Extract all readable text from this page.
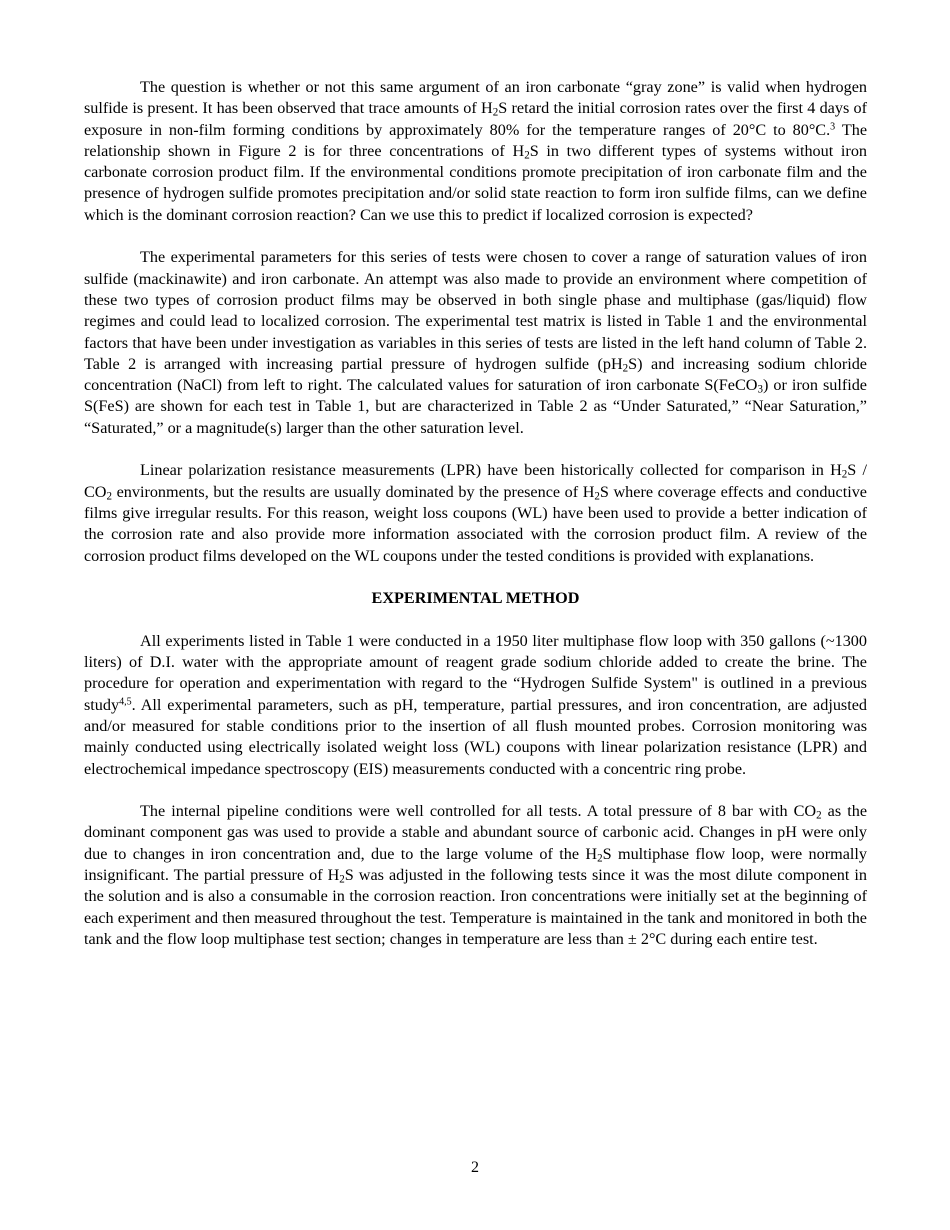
The question is whether or not this same argument of an iron carbonate “gray zone” is valid when hydrogen sulfide is present. It has been observed that trace amounts of $H_2S$ retard the initial corrosion rates over the first 4 days of exposure in non-film forming conditions by approximately 80% for the temperature ranges of 20°C to 80°C.$^3$ The relationship shown in Figure 2 is for three concentrations of $H_2S$ in two different types of systems without iron carbonate corrosion product film. If the environmental conditions promote precipitation of iron carbonate film and the presence of hydrogen sulfide promotes precipitation and/or solid state reaction to form iron sulfide films, can we define which is the dominant corrosion reaction? Can we use this to predict if localized corrosion is expected?

The experimental parameters for this series of tests were chosen to cover a range of saturation values of iron sulfide (mackinawite) and iron carbonate. An attempt was also made to provide an environment where competition of these two types of corrosion product films may be observed in both single phase and multiphase (gas/liquid) flow regimes and could lead to localized corrosion. The experimental test matrix is listed in Table 1 and the environmental factors that have been under investigation as variables in this series of tests are listed in the left hand column of Table 2. Table 2 is arranged with increasing partial pressure of hydrogen sulfide $(pH_2S)$ and increasing sodium chloride concentration (NaCl) from left to right. The calculated values for saturation of iron carbonate S(FeCO$_3$) or iron sulfide S(FeS) are shown for each test in Table 1, but are characterized in Table 2 as “Under Saturated,” “Near Saturation,” “Saturated,” or a magnitude(s) larger than the other saturation level.

Linear polarization resistance measurements (LPR) have been historically collected for comparison in $H_2S / CO_2$ environments, but the results are usually dominated by the presence of $H_2S$ where coverage effects and conductive films give irregular results. For this reason, weight loss coupons (WL) have been used to provide a better indication of the corrosion rate and also provide more information associated with the corrosion product film. A review of the corrosion product films developed on the WL coupons under the tested conditions is provided with explanations.

EXPERIMENTAL METHOD

All experiments listed in Table 1 were conducted in a 1950 liter multiphase flow loop with 350 gallons (~1300 liters) of D.I. water with the appropriate amount of reagent grade sodium chloride added to create the brine. The procedure for operation and experimentation with regard to the “Hydrogen Sulfide System" is outlined in a previous study$^{4,5}$. All experimental parameters, such as pH, temperature, partial pressures, and iron concentration, are adjusted and/or measured for stable conditions prior to the insertion of all flush mounted probes. Corrosion monitoring was mainly conducted using electrically isolated weight loss (WL) coupons with linear polarization resistance (LPR) and electrochemical impedance spectroscopy (EIS) measurements conducted with a concentric ring probe.

The internal pipeline conditions were well controlled for all tests. A total pressure of 8 bar with $CO_2$ as the dominant component gas was used to provide a stable and abundant source of carbonic acid. Changes in pH were only due to changes in iron concentration and, due to the large volume of the $H_2S$ multiphase flow loop, were normally insignificant. The partial pressure of $H_2S$ was adjusted in the following tests since it was the most dilute component in the solution and is also a consumable in the corrosion reaction. Iron concentrations were initially set at the beginning of each experiment and then measured throughout the test. Temperature is maintained in the tank and monitored in both the tank and the flow loop multiphase test section; changes in temperature are less than ± 2°C during each entire test.

2
